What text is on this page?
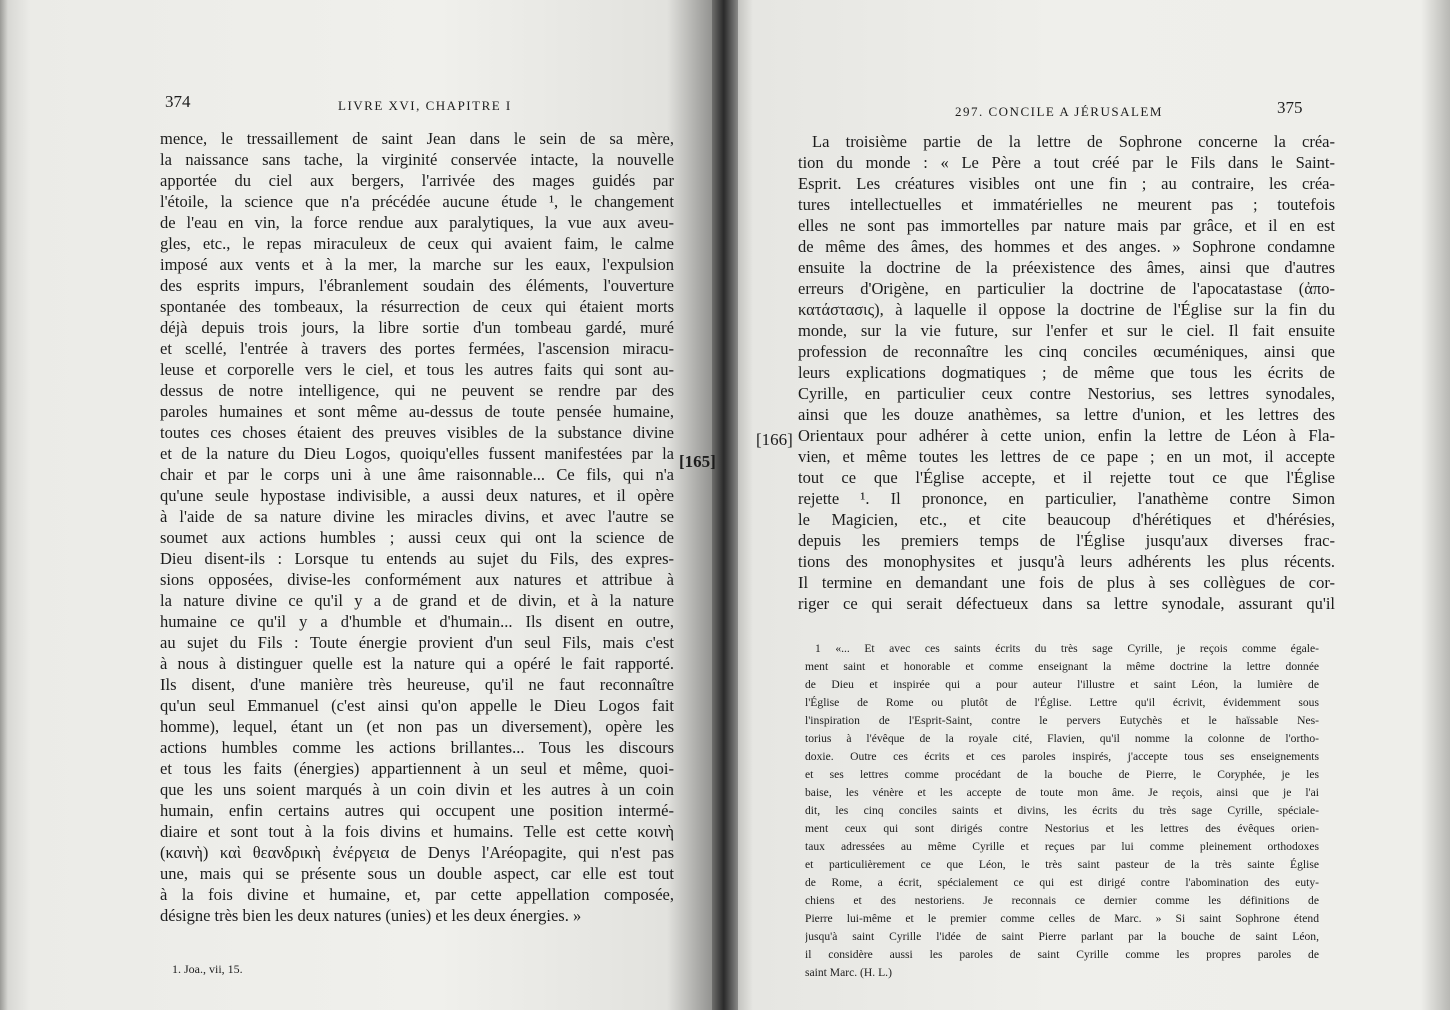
374	LIVRE XVI, CHAPITRE I
mence, le tressaillement de saint Jean dans le sein de sa mère,
la naissance sans tache, la virginité conservée intacte, la nouvelle
apportée du ciel aux bergers, l'arrivée des mages guidés par
l'étoile, la science que n'a précédée aucune étude ¹, le changement
de l'eau en vin, la force rendue aux paralytiques, la vue aux aveu-
gles, etc., le repas miraculeux de ceux qui avaient faim, le calme
imposé aux vents et à la mer, la marche sur les eaux, l'expulsion
des esprits impurs, l'ébranlement soudain des éléments, l'ouverture
spontanée des tombeaux, la résurrection de ceux qui étaient morts
déjà depuis trois jours, la libre sortie d'un tombeau gardé, muré
et scellé, l'entrée à travers des portes fermées, l'ascension miracu-
leuse et corporelle vers le ciel, et tous les autres faits qui sont au-
dessus de notre intelligence, qui ne peuvent se rendre par des
paroles humaines et sont même au-dessus de toute pensée humaine,
toutes ces choses étaient des preuves visibles de la substance divine
et de la nature du Dieu Logos, quoiqu'elles fussent manifestées par la
chair et par le corps uni à une âme raisonnable... Ce fils, qui n'a
qu'une seule hypostase indivisible, a aussi deux natures, et il opère
à l'aide de sa nature divine les miracles divins, et avec l'autre se
soumet aux actions humbles ; aussi ceux qui ont la science de
Dieu disent-ils : Lorsque tu entends au sujet du Fils, des expres-
sions opposées, divise-les conformément aux natures et attribue à
la nature divine ce qu'il y a de grand et de divin, et à la nature
humaine ce qu'il y a d'humble et d'humain... Ils disent en outre,
au sujet du Fils : Toute énergie provient d'un seul Fils, mais c'est
à nous à distinguer quelle est la nature qui a opéré le fait rapporté.
Ils disent, d'une manière très heureuse, qu'il ne faut reconnaître
qu'un seul Emmanuel (c'est ainsi qu'on appelle le Dieu Logos fait
homme), lequel, étant un (et non pas un diversement), opère les
actions humbles comme les actions brillantes... Tous les discours
et tous les faits (énergies) appartiennent à un seul et même, quoi-
que les uns soient marqués à un coin divin et les autres à un coin
humain, enfin certains autres qui occupent une position intermé-
diaire et sont tout à la fois divins et humains. Telle est cette κοινὴ
(καινὴ) καὶ θεανδρικὴ ἐνέργεια de Denys l'Aréopagite, qui n'est pas
une, mais qui se présente sous un double aspect, car elle est tout
à la fois divine et humaine, et, par cette appellation composée,
désigne très bien les deux natures (unies) et les deux énergies. »
1. Joa., vii, 15.
297. CONCILE A JÉRUSALEM	375
La troisième partie de la lettre de Sophrone concerne la créa-
tion du monde : « Le Père a tout créé par le Fils dans le Saint-
Esprit. Les créatures visibles ont une fin ; au contraire, les créa-
tures intellectuelles et immatérielles ne meurent pas ; toutefois
elles ne sont pas immortelles par nature mais par grâce, et il en est
de même des âmes, des hommes et des anges. » Sophrone condamne
ensuite la doctrine de la préexistence des âmes, ainsi que d'autres
erreurs d'Origène, en particulier la doctrine de l'apocatastase (ἀπο-
κατάστασις), à laquelle il oppose la doctrine de l'Église sur la fin du
monde, sur la vie future, sur l'enfer et sur le ciel. Il fait ensuite
profession de reconnaître les cinq conciles œcuméniques, ainsi que
leurs explications dogmatiques ; de même que tous les écrits de
Cyrille, en particulier ceux contre Nestorius, ses lettres synodales,
ainsi que les douze anathèmes, sa lettre d'union, et les lettres des
Orientaux pour adhérer à cette union, enfin la lettre de Léon à Fla-
vien, et même toutes les lettres de ce pape ; en un mot, il accepte
tout ce que l'Église accepte, et il rejette tout ce que l'Église
rejette ¹. Il prononce, en particulier, l'anathème contre Simon
le Magicien, etc., et cite beaucoup d'hérétiques et d'hérésies,
depuis les premiers temps de l'Église jusqu'aux diverses frac-
tions des monophysites et jusqu'à leurs adhérents les plus récents.
Il termine en demandant une fois de plus à ses collègues de cor-
riger ce qui serait défectueux dans sa lettre synodale, assurant qu'il
1 «... Et avec ces saints écrits du très sage Cyrille, je reçois comme égale-
ment saint et honorable et comme enseignant la même doctrine la lettre donnée
de Dieu et inspirée qui a pour auteur l'illustre et saint Léon, la lumière de
l'Église de Rome ou plutôt de l'Église. Lettre qu'il écrivit, évidemment sous
l'inspiration de l'Esprit-Saint, contre le pervers Eutychès et le haïssable Nes-
torius à l'évêque de la royale cité, Flavien, qu'il nomme la colonne de l'ortho-
doxie. Outre ces écrits et ces paroles inspirés, j'accepte tous ses enseignements
et ses lettres comme procédant de la bouche de Pierre, le Coryphée, je les
baise, les vénère et les accepte de toute mon âme. Je reçois, ainsi que je l'ai
dit, les cinq conciles saints et divins, les écrits du très sage Cyrille, spéciale-
ment ceux qui sont dirigés contre Nestorius et les lettres des évêques orien-
taux adressées au même Cyrille et reçues par lui comme pleinement orthodoxes
et particulièrement ce que Léon, le très saint pasteur de la très sainte Église
de Rome, a écrit, spécialement ce qui est dirigé contre l'abomination des euty-
chiens et des nestoriens. Je reconnais ce dernier comme les définitions de
Pierre lui-même et le premier comme celles de Marc. » Si saint Sophrone étend
jusqu'à saint Cyrille l'idée de saint Pierre parlant par la bouche de saint Léon,
il considère aussi les paroles de saint Cyrille comme les propres paroles de
saint Marc. (H. L.)
[165]
[166]
